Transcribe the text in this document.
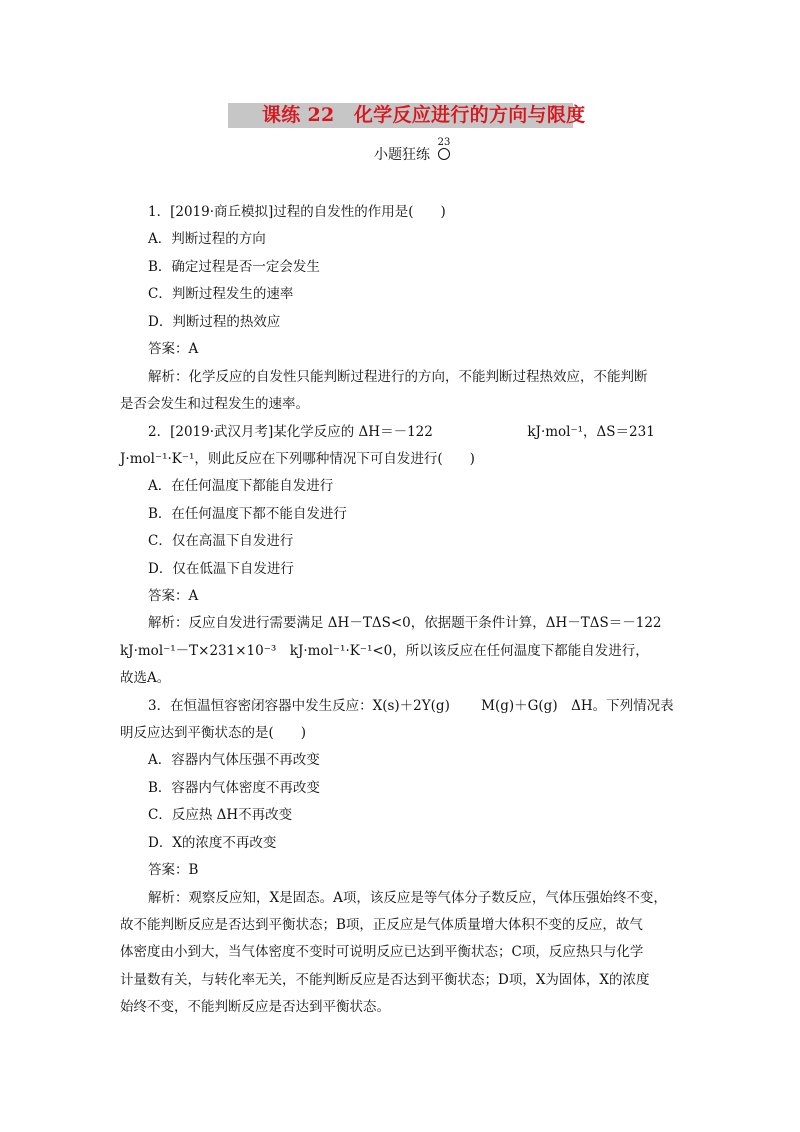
课练 22　化学反应进行的方向与限度
小题狂练
23
1．[2019·商丘模拟]过程的自发性的作用是(　　)
A．判断过程的方向
B．确定过程是否一定会发生
C．判断过程发生的速率
D．判断过程的热效应
答案：A
解析：化学反应的自发性只能判断过程进行的方向，不能判断过程热效应，不能判断
是否会发生和过程发生的速率。
2．[2019·武汉月考]某化学反应的 ΔH＝－122　　　　　　　kJ·mol⁻¹，ΔS＝231
J·mol⁻¹·K⁻¹，则此反应在下列哪种情况下可自发进行(　　)
A．在任何温度下都能自发进行
B．在任何温度下都不能自发进行
C．仅在高温下自发进行
D．仅在低温下自发进行
答案：A
解析：反应自发进行需要满足 ΔH－TΔS<0，依据题干条件计算，ΔH－TΔS＝－122
kJ·mol⁻¹－T×231×10⁻³　kJ·mol⁻¹·K⁻¹<0，所以该反应在任何温度下都能自发进行，
故选A。
3．在恒温恒容密闭容器中发生反应：X(s)＋2Y(g)　　 M(g)＋G(g)　ΔH。下列情况表
明反应达到平衡状态的是(　　)
A．容器内气体压强不再改变
B．容器内气体密度不再改变
C．反应热 ΔH不再改变
D．X的浓度不再改变
答案：B
解析：观察反应知，X是固态。A项，该反应是等气体分子数反应，气体压强始终不变，
故不能判断反应是否达到平衡状态；B项，正反应是气体质量增大体积不变的反应，故气
体密度由小到大，当气体密度不变时可说明反应已达到平衡状态；C项，反应热只与化学
计量数有关，与转化率无关，不能判断反应是否达到平衡状态；D项，X为固体，X的浓度
始终不变，不能判断反应是否达到平衡状态。
